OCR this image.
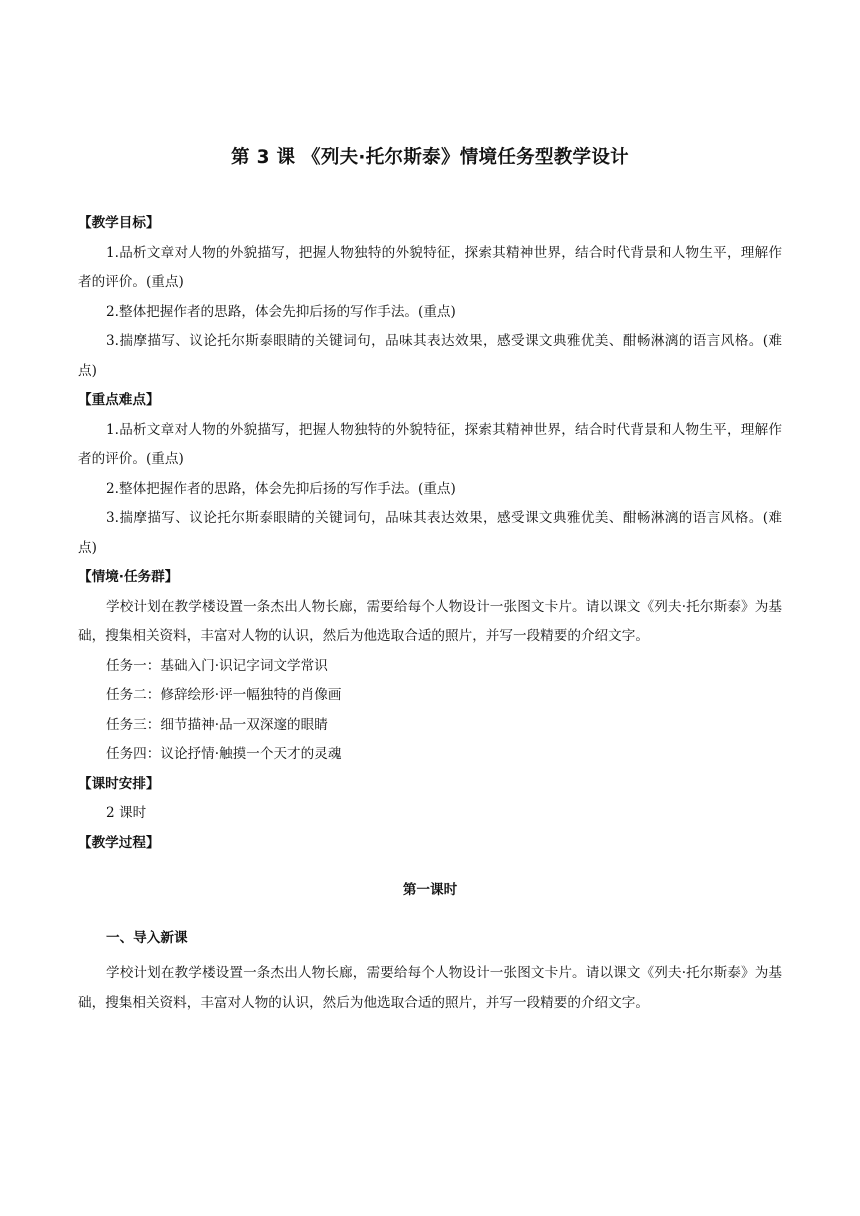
第 3 课 《列夫·托尔斯泰》情境任务型教学设计

【教学目标】

1.品析文章对人物的外貌描写，把握人物独特的外貌特征，探索其精神世界，结合时代背景和人物生平，理解作者的评价。(重点)

2.整体把握作者的思路，体会先抑后扬的写作手法。(重点)

3.揣摩描写、议论托尔斯泰眼睛的关键词句，品味其表达效果，感受课文典雅优美、酣畅淋漓的语言风格。(难点)

【重点难点】

1.品析文章对人物的外貌描写，把握人物独特的外貌特征，探索其精神世界，结合时代背景和人物生平，理解作者的评价。(重点)

2.整体把握作者的思路，体会先抑后扬的写作手法。(重点)

3.揣摩描写、议论托尔斯泰眼睛的关键词句，品味其表达效果，感受课文典雅优美、酣畅淋漓的语言风格。(难点)

【情境·任务群】

学校计划在教学楼设置一条杰出人物长廊，需要给每个人物设计一张图文卡片。请以课文《列夫·托尔斯泰》为基础，搜集相关资料，丰富对人物的认识，然后为他选取合适的照片，并写一段精要的介绍文字。

任务一：基础入门·识记字词文学常识

任务二：修辞绘形·评一幅独特的肖像画

任务三：细节描神·品一双深邃的眼睛

任务四：议论抒情·触摸一个天才的灵魂

【课时安排】

2 课时

【教学过程】

第一课时

一、导入新课

学校计划在教学楼设置一条杰出人物长廊，需要给每个人物设计一张图文卡片。请以课文《列夫·托尔斯泰》为基础，搜集相关资料，丰富对人物的认识，然后为他选取合适的照片，并写一段精要的介绍文字。
